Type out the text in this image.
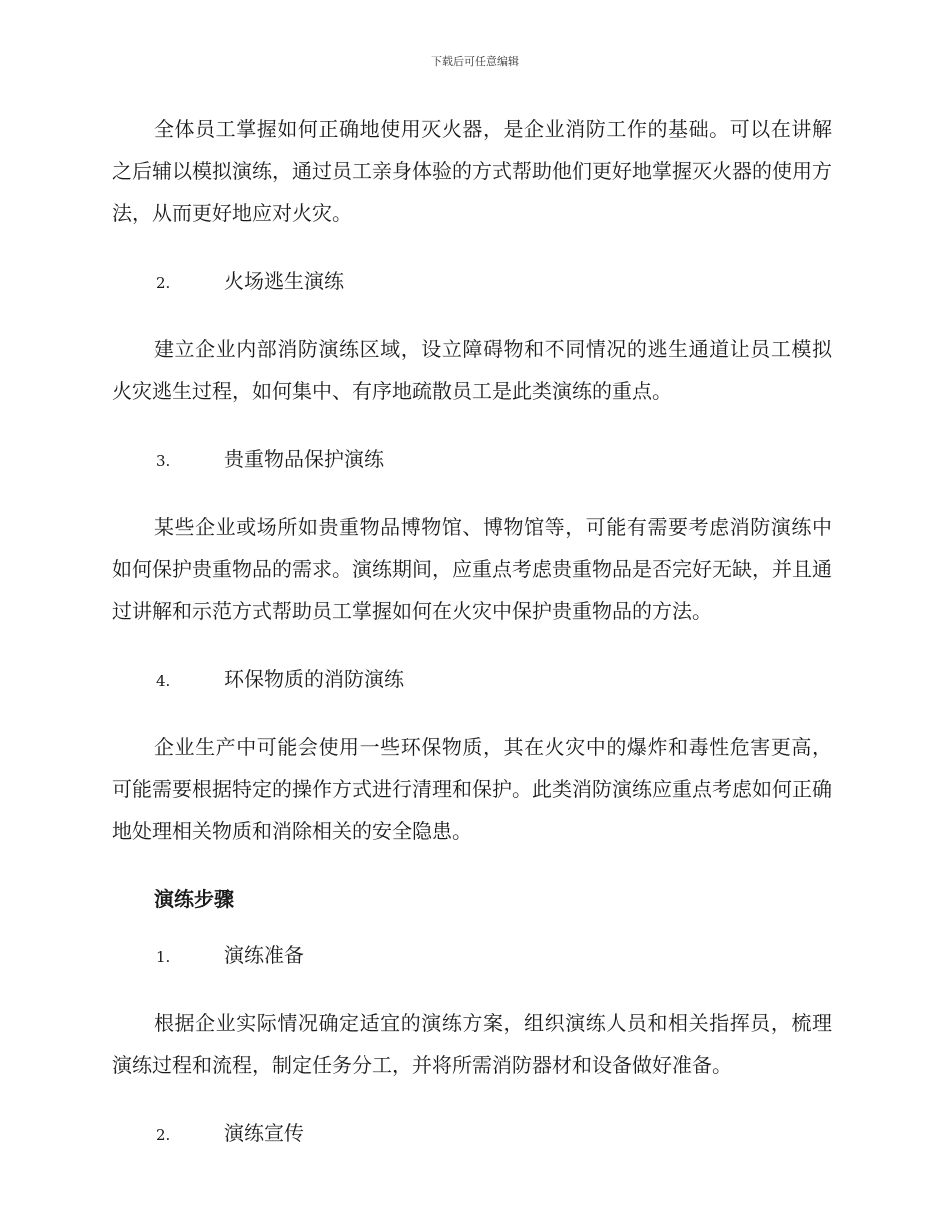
下载后可任意编辑

全体员工掌握如何正确地使用灭火器，是企业消防工作的基础。可以在讲解之后辅以模拟演练，通过员工亲身体验的方式帮助他们更好地掌握灭火器的使用方法，从而更好地应对火灾。

2.	火场逃生演练

建立企业内部消防演练区域，设立障碍物和不同情况的逃生通道让员工模拟火灾逃生过程，如何集中、有序地疏散员工是此类演练的重点。

3.	贵重物品保护演练

某些企业或场所如贵重物品博物馆、博物馆等，可能有需要考虑消防演练中如何保护贵重物品的需求。演练期间，应重点考虑贵重物品是否完好无缺，并且通过讲解和示范方式帮助员工掌握如何在火灾中保护贵重物品的方法。

4.	环保物质的消防演练

企业生产中可能会使用一些环保物质，其在火灾中的爆炸和毒性危害更高，可能需要根据特定的操作方式进行清理和保护。此类消防演练应重点考虑如何正确地处理相关物质和消除相关的安全隐患。

演练步骤
1.	演练准备

根据企业实际情况确定适宜的演练方案，组织演练人员和相关指挥员，梳理演练过程和流程，制定任务分工，并将所需消防器材和设备做好准备。

2.	演练宣传
